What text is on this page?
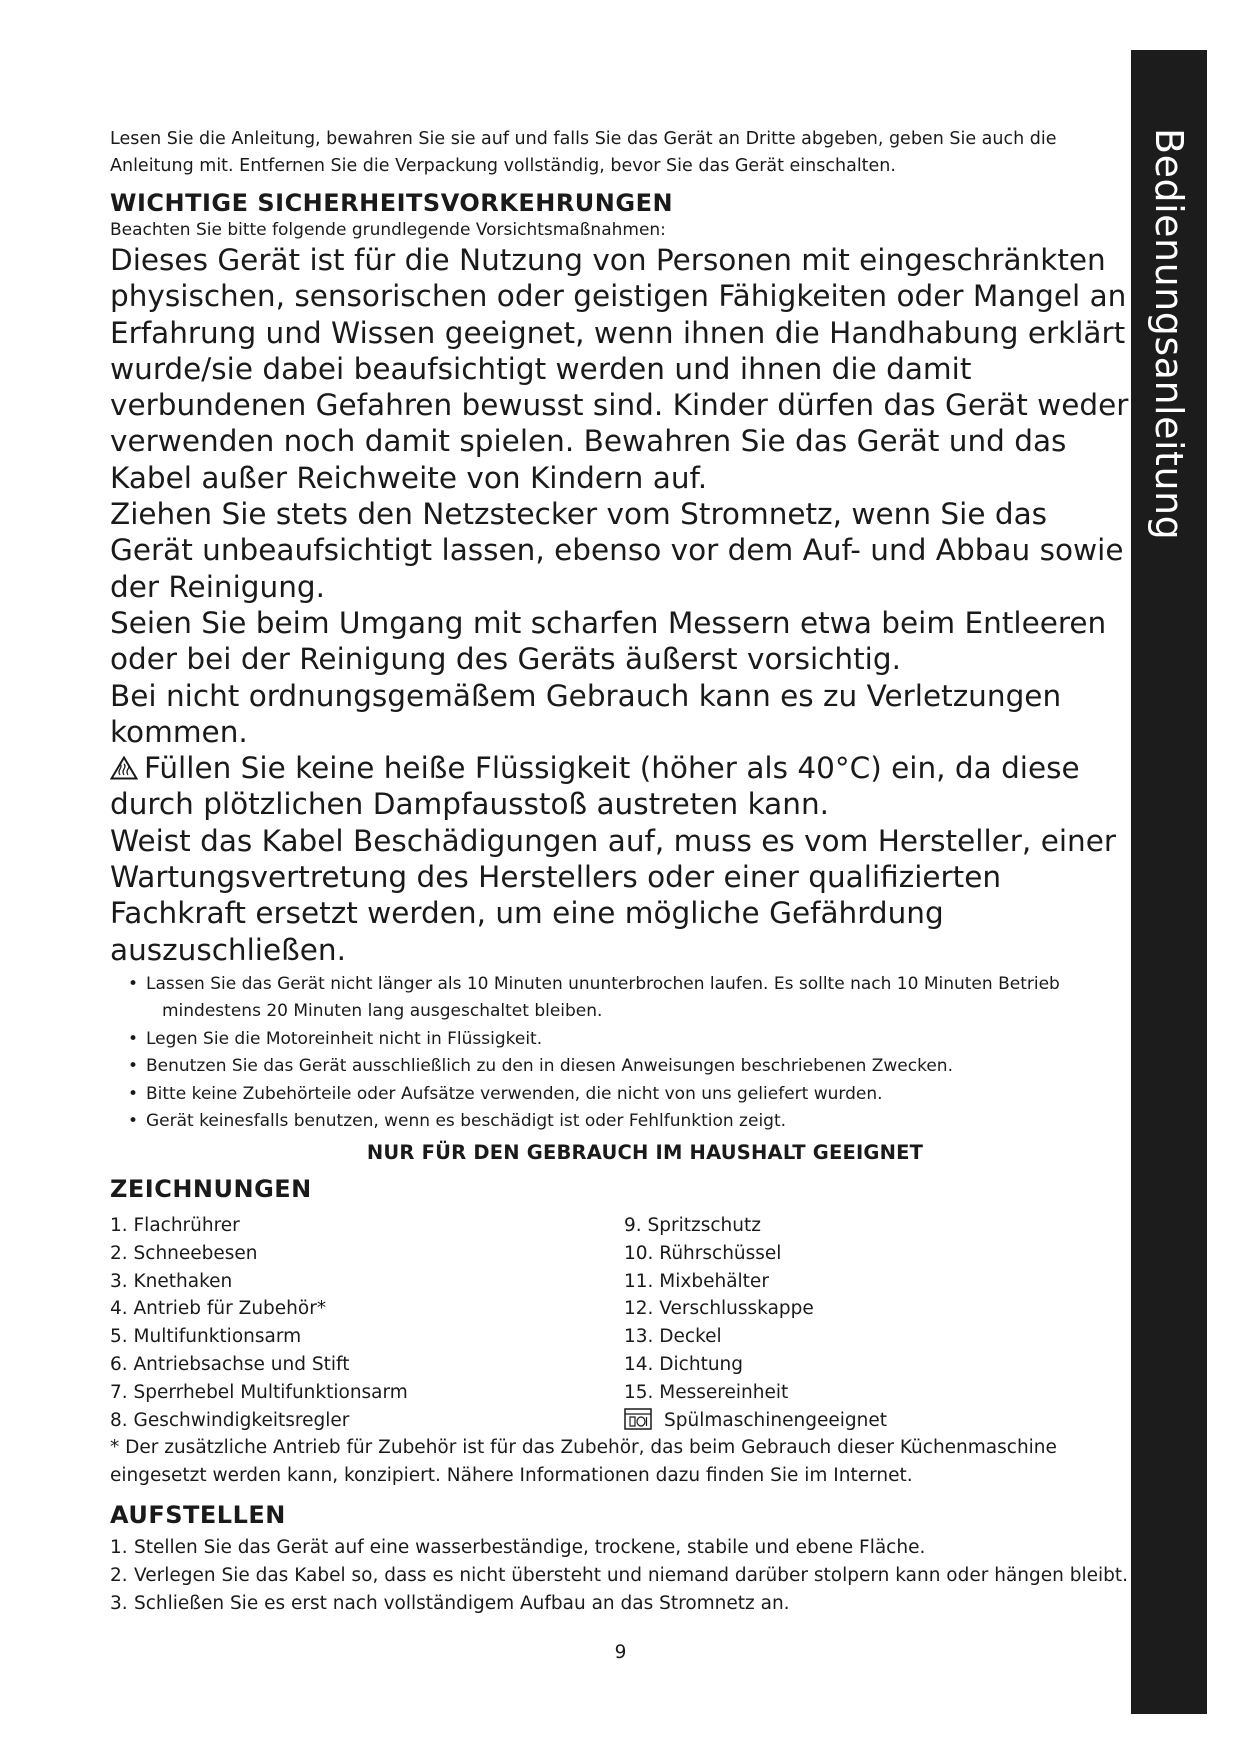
Bedienungsanleitung

Lesen Sie die Anleitung, bewahren Sie sie auf und falls Sie das Gerät an Dritte abgeben, geben Sie auch die Anleitung mit. Entfernen Sie die Verpackung vollständig, bevor Sie das Gerät einschalten.

WICHTIGE SICHERHEITSVORKEHRUNGEN

Beachten Sie bitte folgende grundlegende Vorsichtsmaßnahmen:

Dieses Gerät ist für die Nutzung von Personen mit eingeschränkten physischen, sensorischen oder geistigen Fähigkeiten oder Mangel an Erfahrung und Wissen geeignet, wenn ihnen die Handhabung erklärt wurde/sie dabei beaufsichtigt werden und ihnen die damit verbundenen Gefahren bewusst sind. Kinder dürfen das Gerät weder verwenden noch damit spielen. Bewahren Sie das Gerät und das Kabel außer Reichweite von Kindern auf.

Ziehen Sie stets den Netzstecker vom Stromnetz, wenn Sie das Gerät unbeaufsichtigt lassen, ebenso vor dem Auf- und Abbau sowie der Reinigung.

Seien Sie beim Umgang mit scharfen Messern etwa beim Entleeren oder bei der Reinigung des Geräts äußerst vorsichtig.

Bei nicht ordnungsgemäßem Gebrauch kann es zu Verletzungen kommen.

Füllen Sie keine heiße Flüssigkeit (höher als 40°C) ein, da diese durch plötzlichen Dampfausstoß austreten kann.

Weist das Kabel Beschädigungen auf, muss es vom Hersteller, einer Wartungsvertretung des Herstellers oder einer qualifizierten Fachkraft ersetzt werden, um eine mögliche Gefährdung auszuschließen.

• Lassen Sie das Gerät nicht länger als 10 Minuten ununterbrochen laufen. Es sollte nach 10 Minuten Betrieb mindestens 20 Minuten lang ausgeschaltet bleiben.
• Legen Sie die Motoreinheit nicht in Flüssigkeit.
• Benutzen Sie das Gerät ausschließlich zu den in diesen Anweisungen beschriebenen Zwecken.
• Bitte keine Zubehörteile oder Aufsätze verwenden, die nicht von uns geliefert wurden.
• Gerät keinesfalls benutzen, wenn es beschädigt ist oder Fehlfunktion zeigt.

NUR FÜR DEN GEBRAUCH IM HAUSHALT GEEIGNET

ZEICHNUNGEN
1. Flachrührer
2. Schneebesen
3. Knethaken
4. Antrieb für Zubehör*
5. Multifunktionsarm
6. Antriebsachse und Stift
7. Sperrhebel Multifunktionsarm
8. Geschwindigkeitsregler
9. Spritzschutz
10. Rührschüssel
11. Mixbehälter
12. Verschlusskappe
13. Deckel
14. Dichtung
15. Messereinheit
Spülmaschinengeeignet

* Der zusätzliche Antrieb für Zubehör ist für das Zubehör, das beim Gebrauch dieser Küchenmaschine eingesetzt werden kann, konzipiert. Nähere Informationen dazu finden Sie im Internet.

AUFSTELLEN
1. Stellen Sie das Gerät auf eine wasserbeständige, trockene, stabile und ebene Fläche.
2. Verlegen Sie das Kabel so, dass es nicht übersteht und niemand darüber stolpern kann oder hängen bleibt.
3. Schließen Sie es erst nach vollständigem Aufbau an das Stromnetz an.
9
